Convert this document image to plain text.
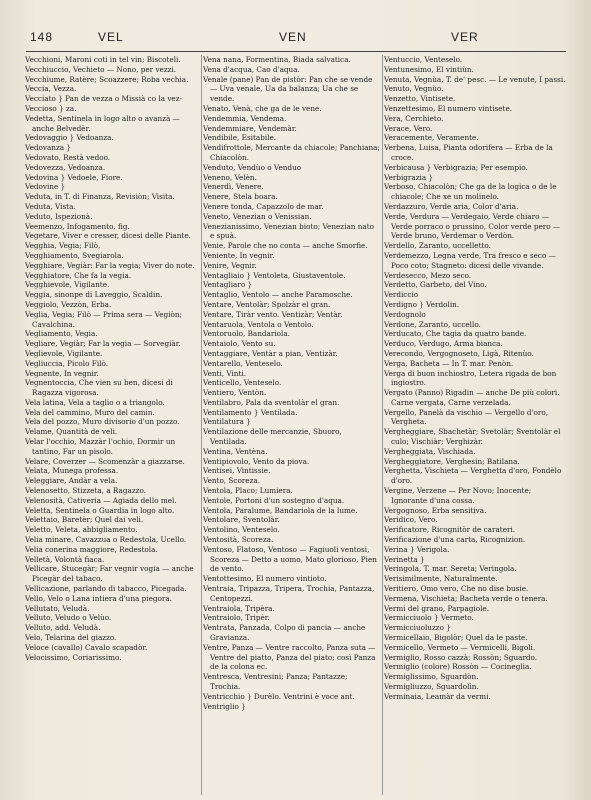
148	VEL	VEN	VER

Vecchioni, Maroni coti in tel vin; Biscoteli.

Vecchiuccio, Vechieto — Nono, per vezzi.

Vecchiume, Ratère; Scoazzere; Roba vechia.

Veccia, Vezza.

Vecciato } Pan de vezza o Missià co la vez-

Veccioso } za.

Vedetta, Sentinela in logo alto o avanzà — anche Belvedèr.

Vedovaggio } Vedoanza.

Vedovanza }

Vedovato, Restà vedoo.

Vedovezza, Vedoanza.

Vedovina } Vedoele, Fiore.

Vedovine }

Veduta, in T. di Finanza, Revisiòn; Visita.

Veduta, Vista.

Veduto, Ispezionà.

Veemenzo, Infogamento, fig.

Vegetare, Viver e cresser, dicesi delle Piante.

Vegghia, Vegia; Filò,

Vegghiamento, Svegiarola.

Vegghiare, Vegiàr: Far la vegia; Viver do note.

Vegghiatore, Che fa la vegia.

Vegghievole, Vigilante.

Veggia, sinonpe di Laveggio, Scaldin.

Veggiolo, Vezzòn, Erba.

Veglia, Vegia; Filò — Prima sera — Vegiòn; Cavalchina.

Vegliamento, Vegia.

Vegliare, Vegiàr; Far la vegia — Sorvegiàr.

Veglievole, Vigilante.

Vegliuccia, Picolo Filò.

Vegnente, In vegnir.

Vegnentoccia, Che vien su ben, dicesi di Ragazza vigorosa.

Vela latina, Vela a taglio o a triangolo.

Vela del cammino, Muro del camin.

Vela del pozzo, Muro divisorio d'un pozzo.

Velame, Quantità de veli.

Velar l'occhio, Mazzàr l'ochio, Dormir un tantino, Far un pisolo.

Velare, Coverzer — Scomenzàr a giazzarse.

Velata, Munega professa.

Veleggiare, Andàr a vela.

Velenosetto, Stizzeta, a Ragazzo.

Velenosità, Cativeria — Agiada dello mel.

Veletta, Sentinela o Guardia in logo alto.

Velettaio, Baretèr; Quel dai veli.

Veletto, Veleta, abbigliamento.

Velia minare, Cavazzua o Redestola, Ucello.

Velia conerina maggiore, Redestola.

Velletà, Volontà fiaca.

Vellicare, Stucegàr; Far vegnir vogia — anche Picegàr del tabaco.

Vellicazione, parlando di tabacco, Picegada.

Vello, Velo o Lana intiera d'una piegora.

Vellutato, Veludà.

Velluto, Veludo o Velùo.

Velluto, add. Veludà.

Velo, Telarina del giazzo.

Veloce (cavallo) Cavalo scapadòr.

Velocissimo, Coriarissimo.

Vena nana, Formentina, Biada salvatica.

Vena d'acqua, Cao d'aqua.

Venale (pane) Pan de pistòr: Pan che se vende — Uva venale, Ua da balanza; Ua che se vende.

Venato, Venà, che ga de le vene.

Vendemmia, Vendema.

Vendemmiare, Vendemàr.

Vendibile, Esitabile.

Vendifrottole, Mercante da chiacole; Panchiana; Chiacolòn.

Venduto, Vendùo o Venduo

Veneno, Velèn.

Venerdì, Venere.

Venere, Stela boara.

Venere tonda, Capazzolo de mar.

Veneto, Venezian o Venissian.

Venezianissimo, Venezian bioto; Venezian nato e spuà.

Venie, Parole che no conta — anche Smorfie.

Veniente, In vegnir.

Venire, Vegnir.

Ventagliaio } Ventoleta, Giustaventole.

Ventagliaro }

Ventaglio, Ventolo — anche Paramosche.

Ventare, Ventolàr; Spolzàr el gran.

Ventare, Tiràr vento. Ventizàr; Ventàr.

Ventaruola, Ventola o Ventolo.

Ventoruolo, Bandariola.

Ventaiolo, Vento su.

Ventaggiare, Ventàr a pian, Ventizàr.

Ventarello, Venteselo.

Venti, Vinti.

Venticello, Venteselo.

Ventiero, Ventòn.

Ventilabro, Pala da sventolàr el gran.

Ventilamento } Ventilada.

Ventilatura }

Ventilazione delle mercanzie, Sbuoro, Ventilada.

Ventina, Ventèna.

Ventipiovolo, Vento da piova.

Ventisei, Vintissie.

Vento, Scoreza.

Ventola, Placo; Lumiera.

Ventole, Portoni d'un sostegno d'aqua.

Ventola, Paralume, Bandariola de la lume.

Ventolare, Sventolàr.

Ventolino, Venteselo.

Ventosità, Scoreza.

Ventoso, Flatoso, Ventoso — Fagiuoli ventosi, Scoreza — Detto a uomo, Mato glorioso, Pien de vento.

Ventottesimo, El numero vintioto.

Ventraia, Tripazza, Tripera, Trochia, Pantazza, Centopezzi.

Ventraiola, Tripèra.

Ventraiolo, Tripèr.

Ventrata, Panzada, Colpo di pancia — anche Gravianza.

Ventre, Panza — Ventre raccolto, Panza suta — Ventre del piatto, Panza del piato; così Panza de la colona ec.

Ventresca, Ventresini; Panza; Pantazze; Trochia.

Ventricchio } Durèlo. Ventrini è voce ant.

Ventriglio }

Ventuccio, Venteselo.

Ventunesimo, El vintiùn.

Venuta, Vegnùa, T. de' pesc. — Le venute, I passi.

Venuto, Vegnùo.

Venzetto, Vintisete.

Venzettesimo, El numero vintisete.

Vera, Cerchieto.

Verace, Vero.

Veracemente, Veramente.

Verbena, Luisa, Pianta odorifera — Erba de la croce.

Verbicausa } Verbigrazia; Per esempio.

Verbigrazia }

Verboso, Chiacolòn; Che ga de la logica o de le chiacole; Che xe un molinelo.

Verdazzuro, Verde aria, Color d'aria.

Verde, Verdura — Verdegaio, Verde chiaro — Verde porraco o prussino, Color verde pero — Verde bruno, Verdemar o Verdòn.

Verdello, Zaranto, uccelletto.

Verdemezzo, Legna verde, Tra fresco e seco — Poco coto; Stagneto: dicesi delle vivande.

Verdesecco, Mezo seco.

Verdetto, Garbeto, del Vino.

Verdiccio

Verdigno } Verdolin.

Verdognolo

Verdone, Zaranto, uccello.

Verducato, Che tagia da quatro bande.

Verduco, Verdugo, Arma bianca.

Verecondo, Vergognoseto, Ligà, Ritenùo.

Verga, Bacheta — In T. mar. Penòn.

Verga di buon inchiostro, Letera rigada de bon ingiostro.

Vergato (Panno) Rigadin — anche De più colori. Carne vergata, Carne verzelada.

Vergello, Panelà da vischio — Vergello d'oro, Vergheta.

Vergheggiare, Sbachetàr; Svetolàr; Sventolàr el culo; Vischiàr; Verghizàr.

Vergheggiata, Vischiada.

Vergheggiatore, Verghesin; Batilana.

Verghetta, Vischieta — Verghetta d'oro, Fondèlo d'oro.

Vergine, Verzene — Per Novo; Inocente; Ignorante d'una cossa.

Vergognoso, Erba sensitiva.

Veridico, Vero.

Verificatore, Ricognitòr de carateri.

Verificazione d'una carta, Ricognizion.

Verina } Verigola.

Verinetta }

Veringola, T. mar. Sereta; Veringola.

Verisimilmente, Naturalmente.

Veritiero, Omo vero, Che no dise busie.

Vermena, Vischieta; Bacheta verde o tenera.

Vermi del grano, Parpagiole.

Vermicciuolo } Vermeto.

Vermicciuoluzzo }

Vermicellaio, Bigolòr; Quel da le paste.

Vermicello, Vermeto — Vermicelli, Bigoli.

Vermiglio, Rosso cazzà; Rossòn; Sguardo.

Vermiglio (colore) Rossòn — Cocineglia.

Vermiglissimo, Sguardòn.

Vermigliuzzo, Sguardolìn.

Verminaia, Leamàr da vermi.
